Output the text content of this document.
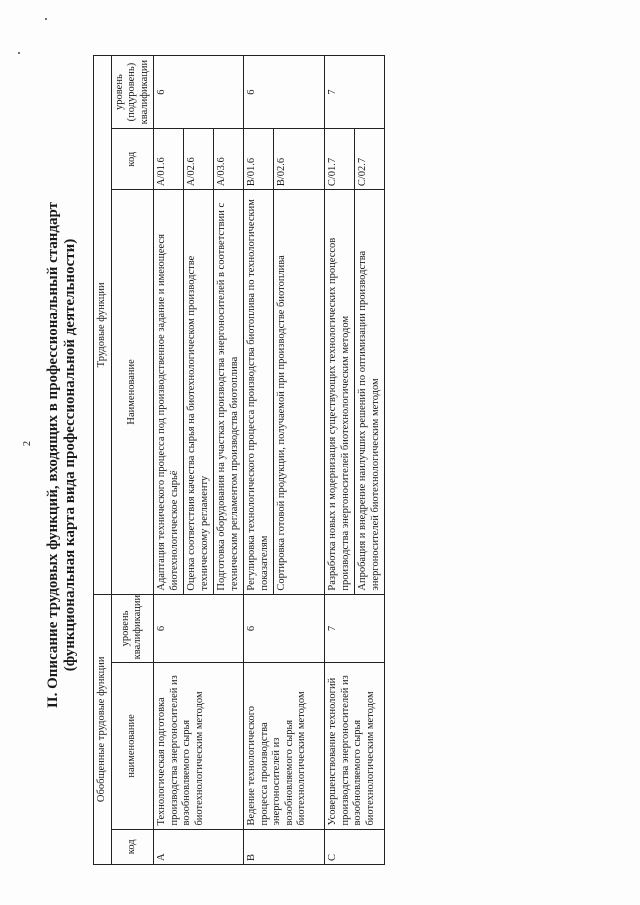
2 II. Описание трудовых функций, входящих в профессиональный стандарт (функциональная карта вида профессиональной деятельности)
Обобщенные трудовые функции			Трудовые функции		
код	наименование	уровень квалификации	Наименование	код	уровень (подуровень) квалификации
А	Технологическая подготовка производства энергоносителей из возобновляемого сырья биотехнологическим методом	6	Адаптация технического процесса под производственное задание и имеющееся биотехнологическое сырьё	А/01.6	6
			Оценка соответствия качества сырья на биотехнологическом производстве техническому регламенту	А/02.6	
			Подготовка оборудования на участках производства энергоносителей в соответствии с техническим регламентом производства биотоплива	А/03.6	
В	Ведение технологического процесса производства энергоносителей из возобновляемого сырья биотехнологическим методом	6	Регулировка технологического процесса производства биотоплива по технологическим показателям	В/01.6	6
			Сортировка готовой продукции, получаемой при производстве биотоплива	В/02.6	
С	Усовершенствование технологий производства энергоносителей из возобновляемого сырья биотехнологическим методом	7	Разработка новых и модернизация существующих технологических процессов производства энергоносителей биотехнологическим методом	С/01.7	7
			Апробация и внедрение наилучших решений по оптимизации производства энергоносителей биотехнологическим методом	С/02.7	
